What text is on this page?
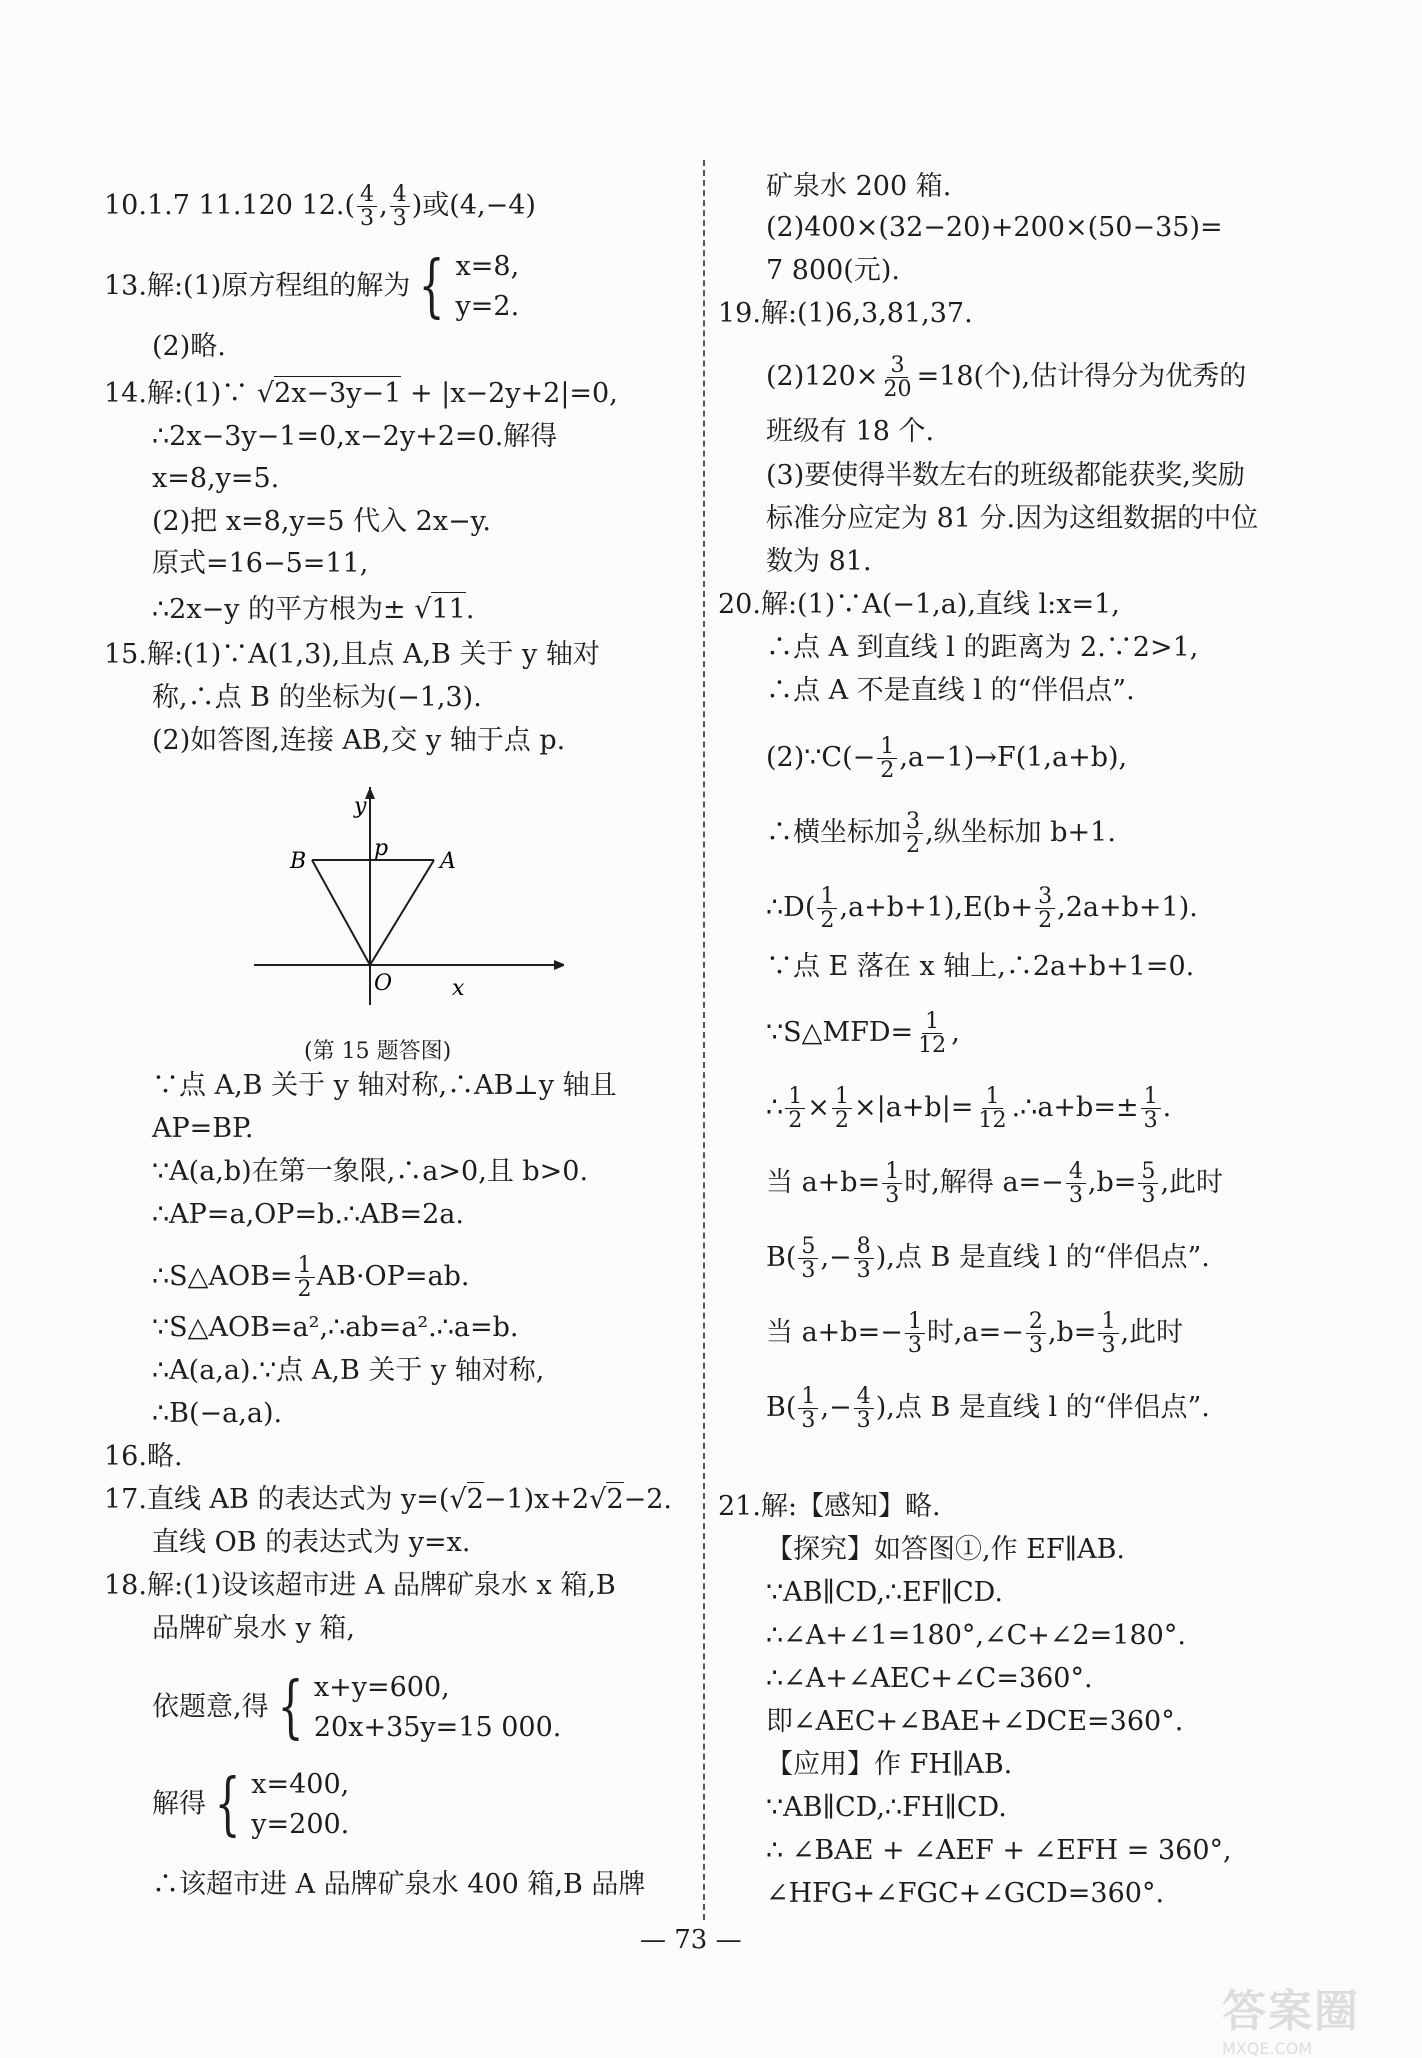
10.1.7 11.120 $12.( \frac{4}{3}$ , $\frac{4}{3}$ )或(4,−4)
13.解:(1)原方程组的解为 { x=8,
y=2.
(2)略.
14.解:(1)∵ √2x−3y−1 + |x−2y+2|=0,
∴2x−3y−1=0,x−2y+2=0.解得
x=8,y=5.
(2)把 x=8,y=5 代入 2x−y.
原式=16−5=11,
∴2x−y 的平方根为± √11.
15.解:(1)∵A(1,3),且点 A,B 关于 y 轴对
称,∴点 B 的坐标为(−1,3).
(2)如答图,连接 AB,交 y 轴于点 p.
∵点 A,B 关于 y 轴对称,∴AB⊥y 轴且
AP=BP.
∵A(a,b)在第一象限,∴a>0,且 b>0.
∴AP=a,OP=b.∴AB=2a.
∴S△AOB= $\frac{1}{2} AB\cdot OP=ab$.
∵S△AOB=a²,∴ab=a².∴a=b.
∴A(a,a).∵点 A,B 关于 y 轴对称,
∴B(−a,a).
16.略.
17.直线 AB 的表达式为 y=(√2−1)x+2√2−2.
直线 OB 的表达式为 y=x.
18.解:(1)设该超市进 A 品牌矿泉水 x 箱,B
品牌矿泉水 y 箱,
依题意,得 { x+y=600,
20x+35y=15 000.
解得 { x=400,
y=200.
∴该超市进 A 品牌矿泉水 400 箱,B 品牌
y
p
x
O
B	A
(第 15 题答图)
矿泉水 200 箱.
(2)400×(32−20)+200×(50−35)=
7 800(元).
19.解:(1)6,3,81,37.
$(2)120\times \frac{3}{20} =18$(个),估计得分为优秀的
班级有 18 个.
(3)要使得半数左右的班级都能获奖,奖励
标准分应定为 81 分.因为这组数据的中位
数为 81.
20.解:(1)∵A(−1,a),直线 l:x=1,
∴点 A 到直线 l 的距离为 2.∵2>1,
∴点 A 不是直线 l 的“伴侣点”.
(2)∵C(− $\frac{1}{2} ,a-1)\to F(1,a+b)$,
∴横坐标加 $\frac{3}{2}$ ,纵坐标加 b+1.
∴D( $\frac{1}{2} ,a+b+1),E(b+ \frac{3}{2} ,2a+b+1)$.
∵点 E 落在 x 轴上,∴2a+b+1=0.
∵S△MFD= $\frac{1}{12}$ ,
∴ $\frac{1}{2} \times \frac{1}{2} \times|a+b|= \frac{1}{12}$ .∴a+b=± $\frac{1}{3}$ .
当 $a+b= \frac{1}{3}$ 时,解得 $a=- \frac{4}{3} ,b= \frac{5}{3}$ ,此时
$B( \frac{5}{3}$ ,− $\frac{8}{3}$ ),点 B 是直线 l 的“伴侣点”.
当 $a+b=- \frac{1}{3}$ 时$,a=- \frac{2}{3} ,b= \frac{1}{3}$ ,此时
$B( \frac{1}{3}$ ,− $\frac{4}{3}$ ),点 B 是直线 l 的“伴侣点”.
21.解:【感知】略.
【探究】如答图①,作 EF∥AB.
∵AB∥CD,∴EF∥CD.
∴∠A+∠1=180°,∠C+∠2=180°.
∴∠A+∠AEC+∠C=360°.
即∠AEC+∠BAE+∠DCE=360°.
【应用】作 FH∥AB.
∵AB∥CD,∴FH∥CD.
∴ ∠BAE + ∠AEF + ∠EFH = 360°,
∠HFG+∠FGC+∠GCD=360°.
— 73 —
答案圈
MXQE.COM
